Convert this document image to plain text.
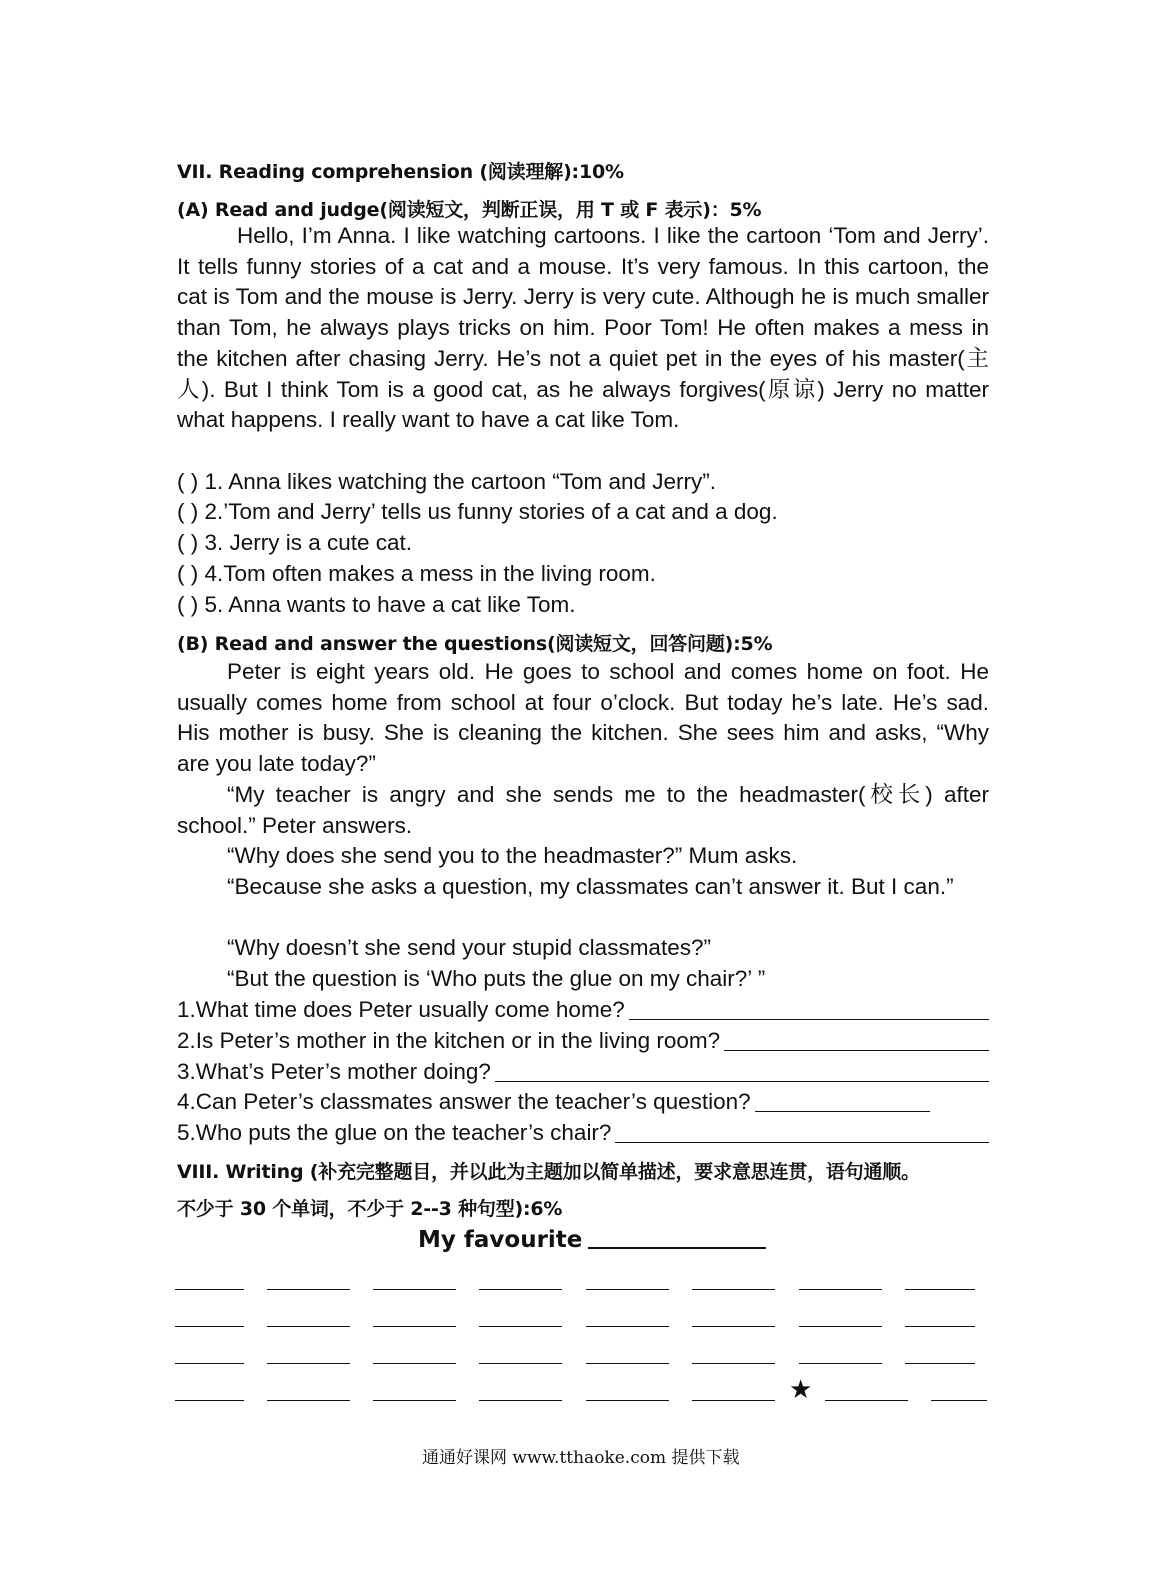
VII. Reading comprehension (阅读理解):10%
(A) Read and judge(阅读短文，判断正误，用 T 或 F 表示)：5%

Hello, I’m Anna. I like watching cartoons. I like the cartoon ‘Tom and Jerry’. It tells funny stories of a cat and a mouse. It’s very famous. In this cartoon, the cat is Tom and the mouse is Jerry. Jerry is very cute. Although he is much smaller than Tom, he always plays tricks on him. Poor Tom! He often makes a mess in the kitchen after chasing Jerry. He’s not a quiet pet in the eyes of his master(主人). But I think Tom is a good cat, as he always forgives(原谅) Jerry no matter what happens. I really want to have a cat like Tom.

( ) 1. Anna likes watching the cartoon “Tom and Jerry”.
( ) 2.’Tom and Jerry’ tells us funny stories of a cat and a dog.
( ) 3. Jerry is a cute cat.
( ) 4.Tom often makes a mess in the living room.
( ) 5. Anna wants to have a cat like Tom.
(B) Read and answer the questions(阅读短文，回答问题):5%

Peter is eight years old. He goes to school and comes home on foot. He usually comes home from school at four o’clock. But today he’s late. He’s sad. His mother is busy. She is cleaning the kitchen. She sees him and asks, “Why are you late today?”

“My teacher is angry and she sends me to the headmaster(校长) after school.” Peter answers.

“Why does she send you to the headmaster?” Mum asks.

“Because she asks a question, my classmates can’t answer it. But I can.”

“Why doesn’t she send your stupid classmates?”

“But the question is ‘Who puts the glue on my chair?’ ”

1.What time does Peter usually come home?
2.Is Peter’s mother in the kitchen or in the living room?
3.What’s Peter’s mother doing?
4.Can Peter’s classmates answer the teacher’s question?
5.Who puts the glue on the teacher’s chair?
VIII. Writing (补充完整题目，并以此为主题加以简单描述，要求意思连贯，语句通顺。
不少于 30 个单词，不少于 2--3 种句型):6%
My favourite
★
通通好课网 www.tthaoke.com 提供下载
